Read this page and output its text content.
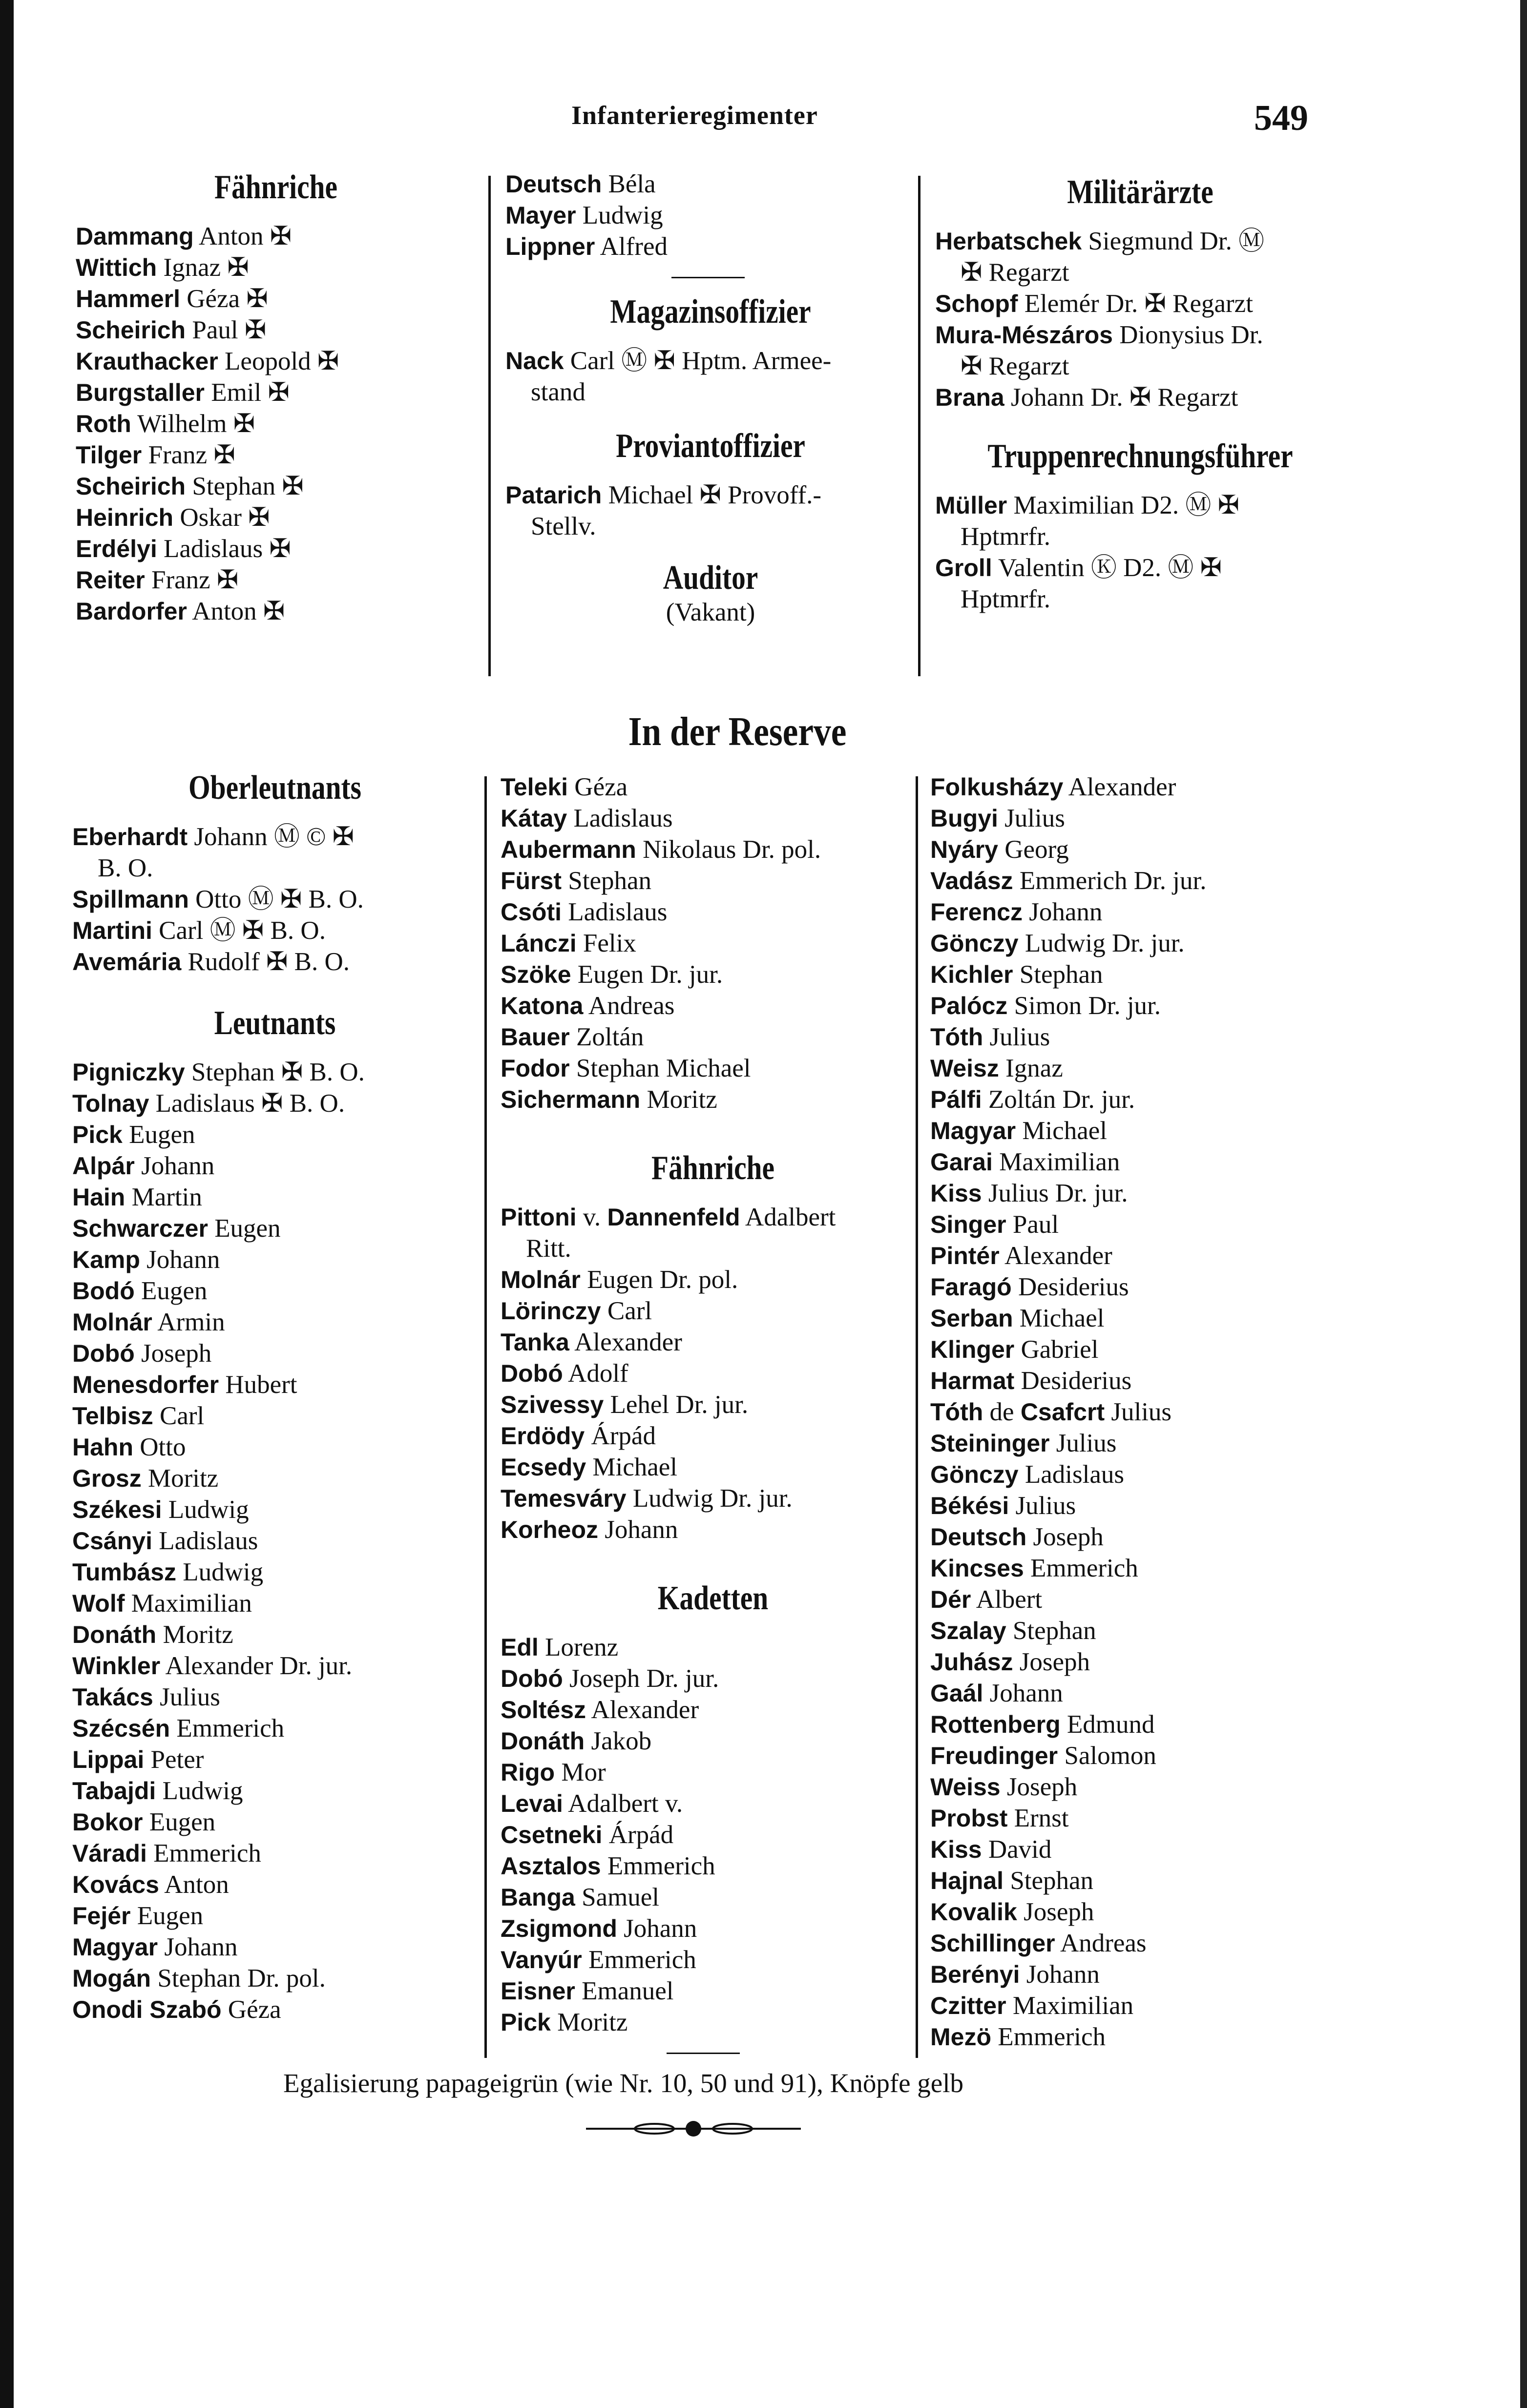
Infanterieregimenter	549
Fähnriche
Dammang Anton ✠
Wittich Ignaz ✠
Hammerl Géza ✠
Scheirich Paul ✠
Krauthacker Leopold ✠
Burgstaller Emil ✠
Roth Wilhelm ✠
Tilger Franz ✠
Scheirich Stephan ✠
Heinrich Oskar ✠
Erdélyi Ladislaus ✠
Reiter Franz ✠
Bardorfer Anton ✠
Deutsch Béla
Mayer Ludwig
Lippner Alfred
Magazinsoffizier
Nack Carl Ⓜ ✠ Hptm. Armee-
stand
Proviantoffizier
Patarich Michael ✠ Provoff.-
Stellv.
Auditor
(Vakant)
Militärärzte
Herbatschek Siegmund Dr. Ⓜ
✠ Regarzt
Schopf Elemér Dr. ✠ Regarzt
Mura-Mészáros Dionysius Dr.
✠ Regarzt
Brana Johann Dr. ✠ Regarzt
Truppenrechnungsführer
Müller Maximilian D2. Ⓜ ✠
Hptmrfr.
Groll Valentin Ⓚ D2. Ⓜ ✠
Hptmrfr.
In der Reserve
Oberleutnants
Eberhardt Johann Ⓜ © ✠
B. O.
Spillmann Otto Ⓜ ✠ B. O.
Martini Carl Ⓜ ✠ B. O.
Avemária Rudolf ✠ B. O.
Leutnants
Pigniczky Stephan ✠ B. O.
Tolnay Ladislaus ✠ B. O.
Pick Eugen
Alpár Johann
Hain Martin
Schwarczer Eugen
Kamp Johann
Bodó Eugen
Molnár Armin
Dobó Joseph
Menesdorfer Hubert
Telbisz Carl
Hahn Otto
Grosz Moritz
Székesi Ludwig
Csányi Ladislaus
Tumbász Ludwig
Wolf Maximilian
Donáth Moritz
Winkler Alexander Dr. jur.
Takács Julius
Szécsén Emmerich
Lippai Peter
Tabajdi Ludwig
Bokor Eugen
Váradi Emmerich
Kovács Anton
Fejér Eugen
Magyar Johann
Mogán Stephan Dr. pol.
Onodi Szabó Géza
Teleki Géza
Kátay Ladislaus
Aubermann Nikolaus Dr. pol.
Fürst Stephan
Csóti Ladislaus
Lánczi Felix
Szöke Eugen Dr. jur.
Katona Andreas
Bauer Zoltán
Fodor Stephan Michael
Sichermann Moritz
Fähnriche
Pittoni v. Dannenfeld Adalbert
Ritt.
Molnár Eugen Dr. pol.
Lörinczy Carl
Tanka Alexander
Dobó Adolf
Szivessy Lehel Dr. jur.
Erdödy Árpád
Ecsedy Michael
Temesváry Ludwig Dr. jur.
Korheoz Johann
Kadetten
Edl Lorenz
Dobó Joseph Dr. jur.
Soltész Alexander
Donáth Jakob
Rigo Mor
Levai Adalbert v.
Csetneki Árpád
Asztalos Emmerich
Banga Samuel
Zsigmond Johann
Vanyúr Emmerich
Eisner Emanuel
Pick Moritz
Folkusházy Alexander
Bugyi Julius
Nyáry Georg
Vadász Emmerich Dr. jur.
Ferencz Johann
Gönczy Ludwig Dr. jur.
Kichler Stephan
Palócz Simon Dr. jur.
Tóth Julius
Weisz Ignaz
Pálfi Zoltán Dr. jur.
Magyar Michael
Garai Maximilian
Kiss Julius Dr. jur.
Singer Paul
Pintér Alexander
Faragó Desiderius
Serban Michael
Klinger Gabriel
Harmat Desiderius
Tóth de Csafcrt Julius
Steininger Julius
Gönczy Ladislaus
Békési Julius
Deutsch Joseph
Kincses Emmerich
Dér Albert
Szalay Stephan
Juhász Joseph
Gaál Johann
Rottenberg Edmund
Freudinger Salomon
Weiss Joseph
Probst Ernst
Kiss David
Hajnal Stephan
Kovalik Joseph
Schillinger Andreas
Berényi Johann
Czitter Maximilian
Mezö Emmerich
Egalisierung papageigrün (wie Nr. 10, 50 und 91), Knöpfe gelb
